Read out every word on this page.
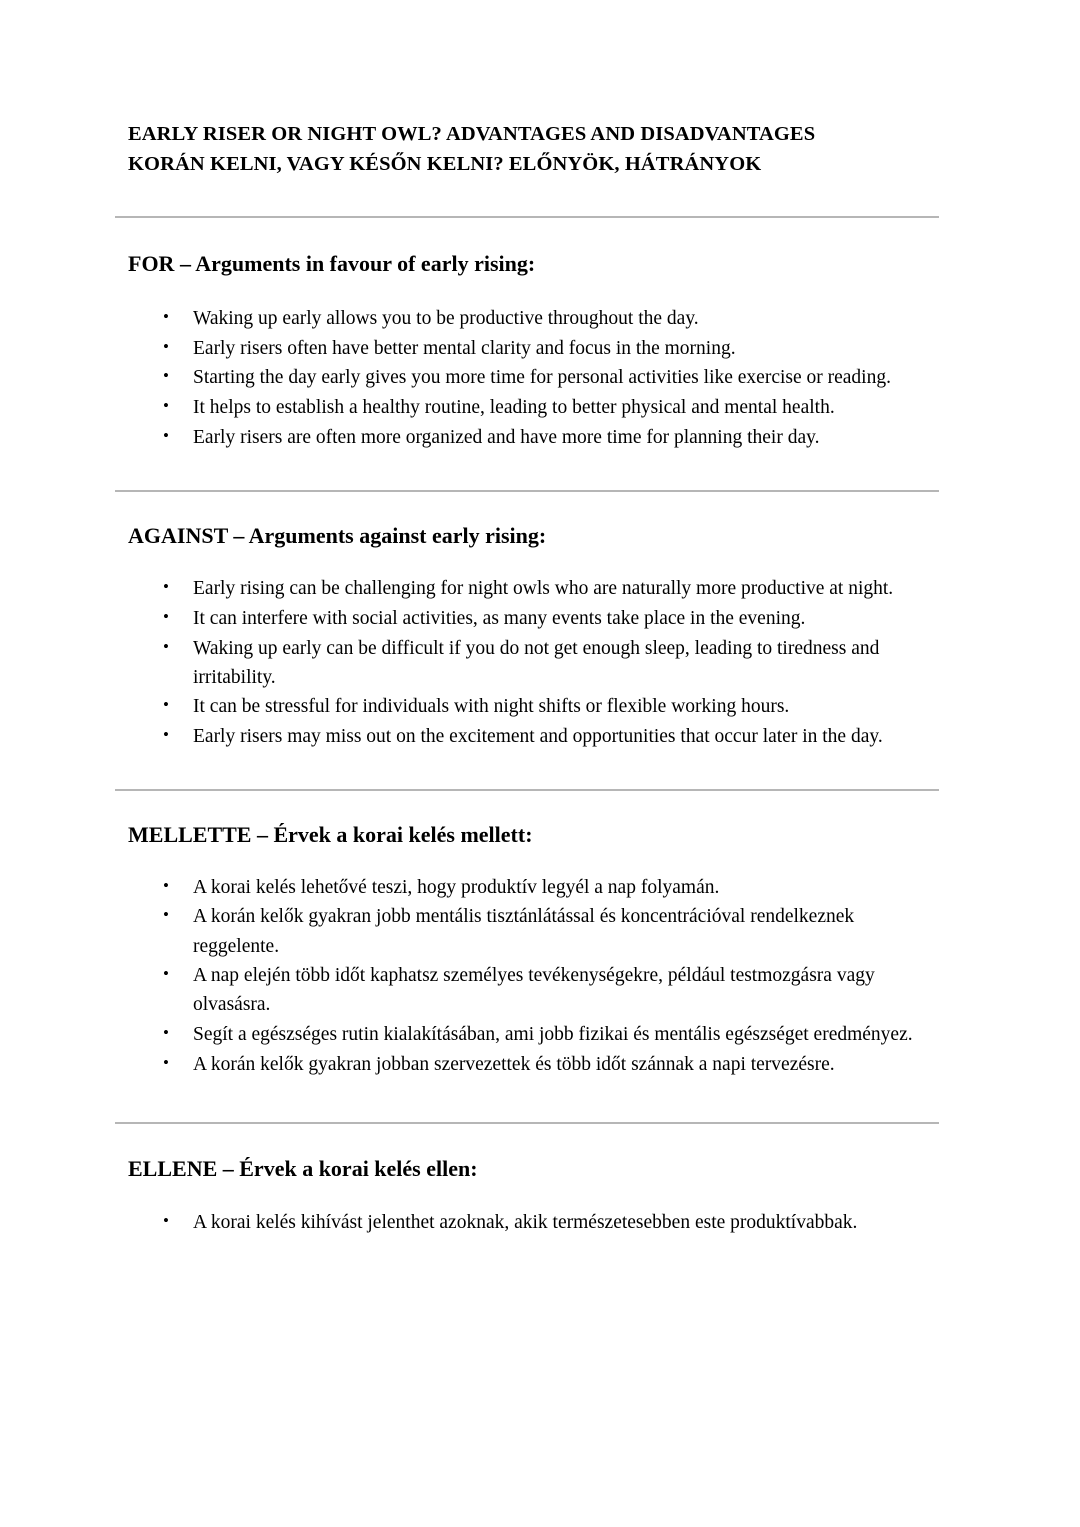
EARLY RISER OR NIGHT OWL? ADVANTAGES AND DISADVANTAGES
KORÁN KELNI, VAGY KÉSŐN KELNI? ELŐNYÖK, HÁTRÁNYOK
FOR – Arguments in favour of early rising:
• Waking up early allows you to be productive throughout the day.
• Early risers often have better mental clarity and focus in the morning.
• Starting the day early gives you more time for personal activities like exercise or reading.
• It helps to establish a healthy routine, leading to better physical and mental health.
• Early risers are often more organized and have more time for planning their day.
AGAINST – Arguments against early rising:
• Early rising can be challenging for night owls who are naturally more productive at night.
• It can interfere with social activities, as many events take place in the evening.
• Waking up early can be difficult if you do not get enough sleep, leading to tiredness and irritability.
• It can be stressful for individuals with night shifts or flexible working hours.
• Early risers may miss out on the excitement and opportunities that occur later in the day.
MELLETTE – Érvek a korai kelés mellett:
• A korai kelés lehetővé teszi, hogy produktív legyél a nap folyamán.
• A korán kelők gyakran jobb mentális tisztánlátással és koncentrációval rendelkeznek reggelente.
• A nap elején több időt kaphatsz személyes tevékenységekre, például testmozgásra vagy olvasásra.
• Segít a egészséges rutin kialakításában, ami jobb fizikai és mentális egészséget eredményez.
• A korán kelők gyakran jobban szervezettek és több időt szánnak a napi tervezésre.
ELLENE – Érvek a korai kelés ellen:
• A korai kelés kihívást jelenthet azoknak, akik természetesebben este produktívabbak.
